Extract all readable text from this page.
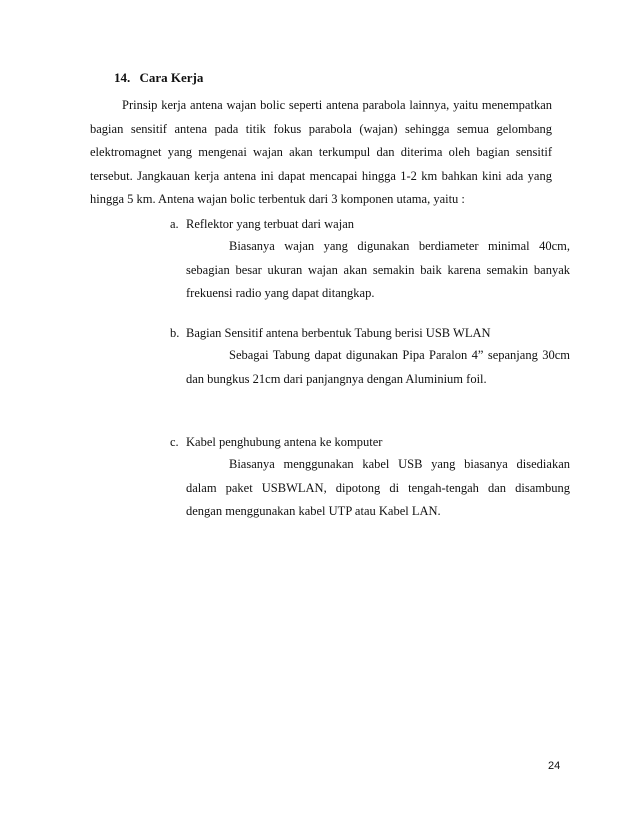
14. Cara Kerja

Prinsip kerja antena wajan bolic seperti antena parabola lainnya, yaitu menempatkan

bagian sensitif antena pada titik fokus parabola (wajan) sehingga semua gelombang

elektromagnet yang mengenai wajan akan terkumpul dan diterima oleh bagian sensitif

tersebut. Jangkauan kerja antena ini dapat mencapai hingga 1-2 km bahkan kini ada yang

hingga 5 km. Antena wajan bolic terbentuk dari 3 komponen utama, yaitu :

a. Reflektor yang terbuat dari wajan
Biasanya wajan yang digunakan berdiameter minimal 40cm,
sebagian besar ukuran wajan akan semakin baik karena semakin banyak
frekuensi radio yang dapat ditangkap.
b. Bagian Sensitif antena berbentuk Tabung berisi USB WLAN
Sebagai Tabung dapat digunakan Pipa Paralon 4” sepanjang 30cm
dan bungkus 21cm dari panjangnya dengan Aluminium foil.
c. Kabel penghubung antena ke komputer
Biasanya menggunakan kabel USB yang biasanya disediakan
dalam paket USBWLAN, dipotong di tengah-tengah dan disambung
dengan menggunakan kabel UTP atau Kabel LAN.
24
